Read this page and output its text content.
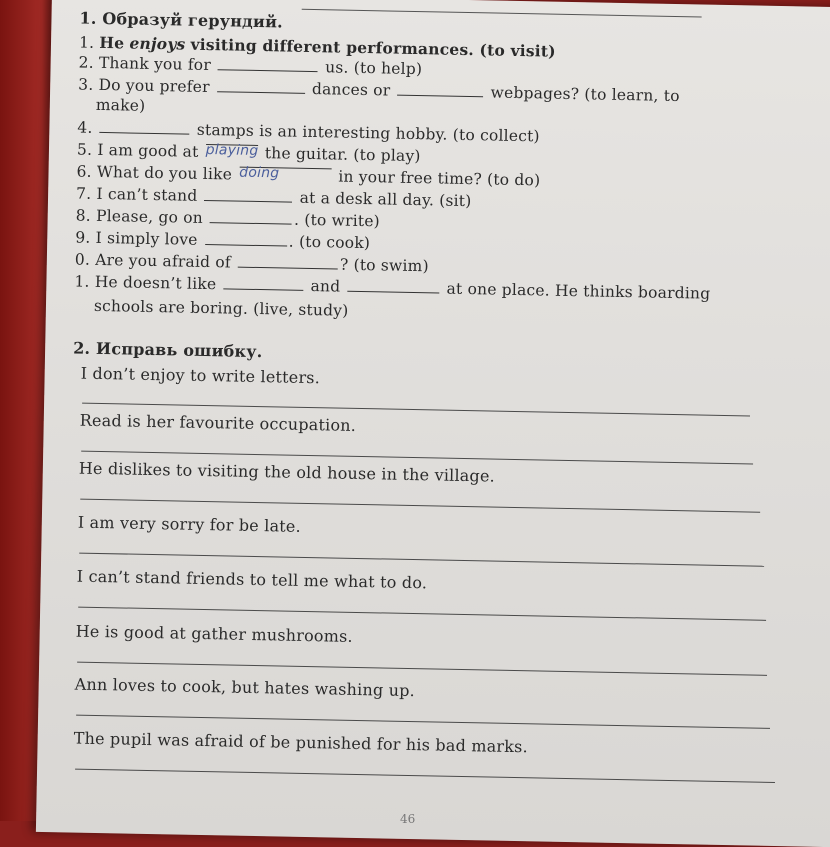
1. Образуй герундий.
1. He enjoys visiting different performances. (to visit)
2. Thank you for	us. (to help)
3. Do you prefer	dances or	webpages? (to learn, to
make)
4.	stamps is an interesting hobby. (to collect)
5. I am good at playing the guitar. (to play)
6. What do you like doing	in your free time? (to do)
7. I can’t stand	at a desk all day. (sit)
8. Please, go on	. (to write)
9. I simply love	. (to cook)
0. Are you afraid of	? (to swim)
1. He doesn’t like	and	at one place. He thinks boarding
schools are boring. (live, study)
2. Исправь ошибку.
I don’t enjoy to write letters.
Read is her favourite occupation.
He dislikes to visiting the old house in the village.
I am very sorry for be late.
I can’t stand friends to tell me what to do.
He is good at gather mushrooms.
Ann loves to cook, but hates washing up.
The pupil was afraid of be punished for his bad marks.
46
